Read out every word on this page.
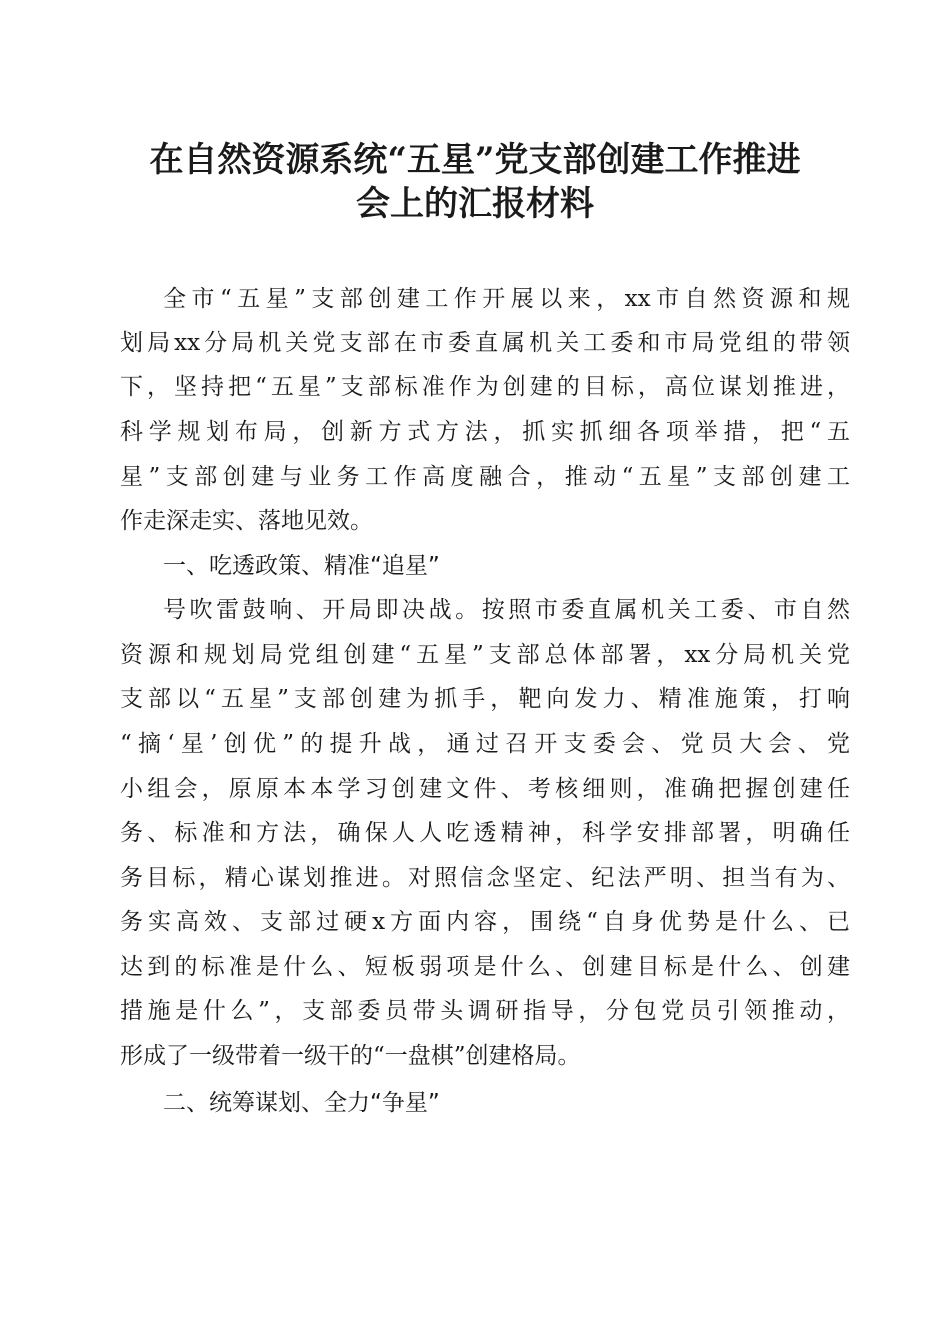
在自然资源系统“五星”党支部创建工作推进
会上的汇报材料
全市“五星”支部创建工作开展以来，xx市自然资源和规
划局xx分局机关党支部在市委直属机关工委和市局党组的带领
下，坚持把“五星”支部标准作为创建的目标，高位谋划推进，
科学规划布局，创新方式方法，抓实抓细各项举措，把“五
星”支部创建与业务工作高度融合，推动“五星”支部创建工
作走深走实、落地见效。
一、吃透政策、精准“追星”
号吹雷鼓响、开局即决战。按照市委直属机关工委、市自然
资源和规划局党组创建“五星”支部总体部署，xx分局机关党
支部以“五星”支部创建为抓手，靶向发力、精准施策，打响
“摘‘星’创优”的提升战，通过召开支委会、党员大会、党
小组会，原原本本学习创建文件、考核细则，准确把握创建任
务、标准和方法，确保人人吃透精神，科学安排部署，明确任
务目标，精心谋划推进。对照信念坚定、纪法严明、担当有为、
务实高效、支部过硬x方面内容，围绕“自身优势是什么、已
达到的标准是什么、短板弱项是什么、创建目标是什么、创建
措施是什么”，支部委员带头调研指导，分包党员引领推动，
形成了一级带着一级干的“一盘棋”创建格局。
二、统筹谋划、全力“争星”
